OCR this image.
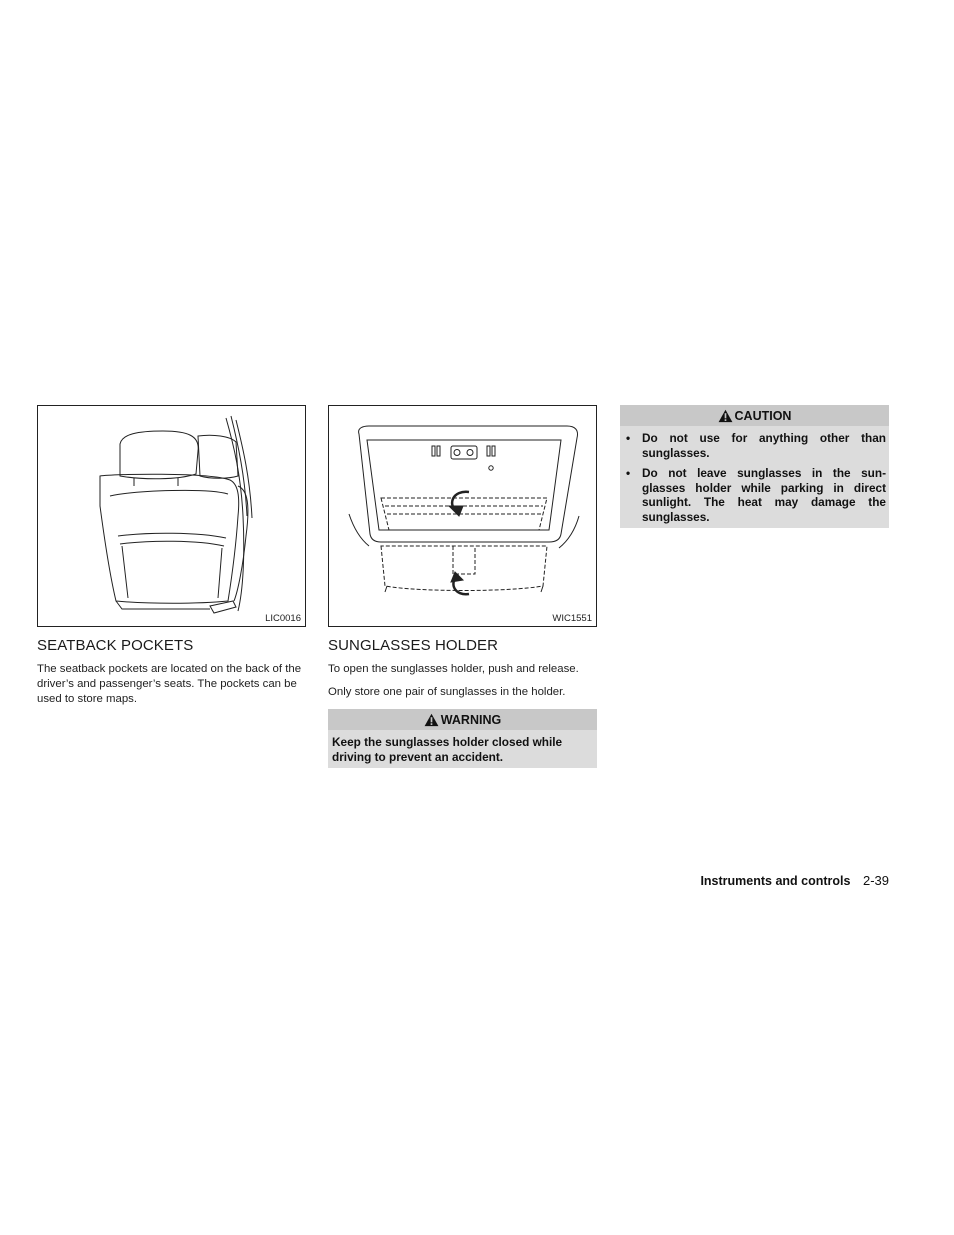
LIC0016
SEATBACK POCKETS

The seatback pockets are located on the back of the driver’s and passenger’s seats. The pockets can be used to store maps.

WIC1551
SUNGLASSES HOLDER

To open the sunglasses holder, push and release.

Only store one pair of sunglasses in the holder.

WARNING
Keep the sunglasses holder closed while driving to prevent an accident.
CAUTION
• Do not use for anything other than sunglasses.
• Do not leave sunglasses in the sun- glasses holder while parking in direct sunlight. The heat may damage the sunglasses.
Instruments and controls 2-39
